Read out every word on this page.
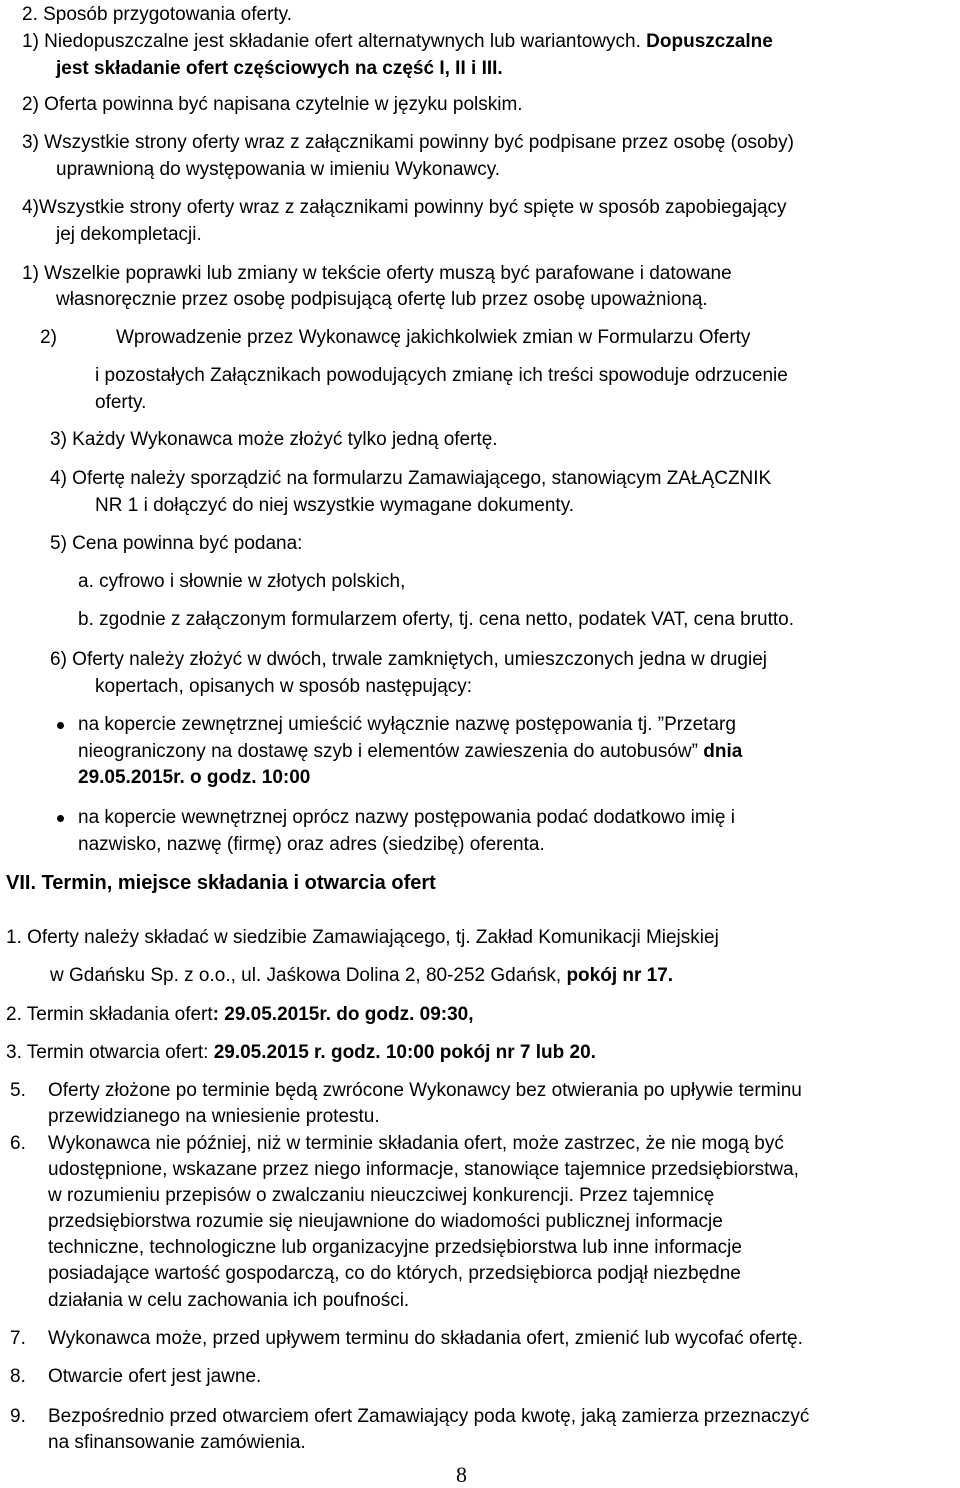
2. Sposób przygotowania oferty.
1) Niedopuszczalne jest składanie ofert alternatywnych lub wariantowych. Dopuszczalne
jest składanie ofert częściowych na część I, II i III.
2) Oferta powinna być napisana czytelnie w języku polskim.
3) Wszystkie strony oferty wraz z załącznikami powinny być podpisane przez osobę (osoby)
uprawnioną do występowania w imieniu Wykonawcy.
4)Wszystkie strony oferty wraz z załącznikami powinny być spięte w sposób zapobiegający
jej dekompletacji.
1) Wszelkie poprawki lub zmiany w tekście oferty muszą być parafowane i datowane
własnoręcznie przez osobę podpisującą ofertę lub przez osobę upoważnioną.
2)	Wprowadzenie przez Wykonawcę jakichkolwiek zmian w Formularzu Oferty
i pozostałych Załącznikach powodujących zmianę ich treści spowoduje odrzucenie
oferty.
3) Każdy Wykonawca może złożyć tylko jedną ofertę.
4) Ofertę należy sporządzić na formularzu Zamawiającego, stanowiącym ZAŁĄCZNIK
NR 1 i dołączyć do niej wszystkie wymagane dokumenty.
5) Cena powinna być podana:
a. cyfrowo i słownie w złotych polskich,
b. zgodnie z załączonym formularzem oferty, tj. cena netto, podatek VAT, cena brutto.
6) Oferty należy złożyć w dwóch, trwale zamkniętych, umieszczonych jedna w drugiej
kopertach, opisanych w sposób następujący:
na kopercie zewnętrznej umieścić wyłącznie nazwę postępowania tj. ”Przetarg
nieograniczony na dostawę szyb i elementów zawieszenia do autobusów” dnia
29.05.2015r. o godz. 10:00
na kopercie wewnętrznej oprócz nazwy postępowania podać dodatkowo imię i
nazwisko, nazwę (firmę) oraz adres (siedzibę) oferenta.
VII. Termin, miejsce składania i otwarcia ofert
1. Oferty należy składać w siedzibie Zamawiającego, tj. Zakład Komunikacji Miejskiej
w Gdańsku Sp. z o.o., ul. Jaśkowa Dolina 2, 80-252 Gdańsk, pokój nr 17.
2. Termin składania ofert: 29.05.2015r. do godz. 09:30,
3. Termin otwarcia ofert: 29.05.2015 r. godz. 10:00 pokój nr 7 lub 20.
5. Oferty złożone po terminie będą zwrócone Wykonawcy bez otwierania po upływie terminu
przewidzianego na wniesienie protestu.
6. Wykonawca nie później, niż w terminie składania ofert, może zastrzec, że nie mogą być
udostępnione, wskazane przez niego informacje, stanowiące tajemnice przedsiębiorstwa,
w rozumieniu przepisów o zwalczaniu nieuczciwej konkurencji. Przez tajemnicę
przedsiębiorstwa rozumie się nieujawnione do wiadomości publicznej informacje
techniczne, technologiczne lub organizacyjne przedsiębiorstwa lub inne informacje
posiadające wartość gospodarczą, co do których, przedsiębiorca podjął niezbędne
działania w celu zachowania ich poufności.
7. Wykonawca może, przed upływem terminu do składania ofert, zmienić lub wycofać ofertę.
8. Otwarcie ofert jest jawne.
9. Bezpośrednio przed otwarciem ofert Zamawiający poda kwotę, jaką zamierza przeznaczyć
na sfinansowanie zamówienia.
8
